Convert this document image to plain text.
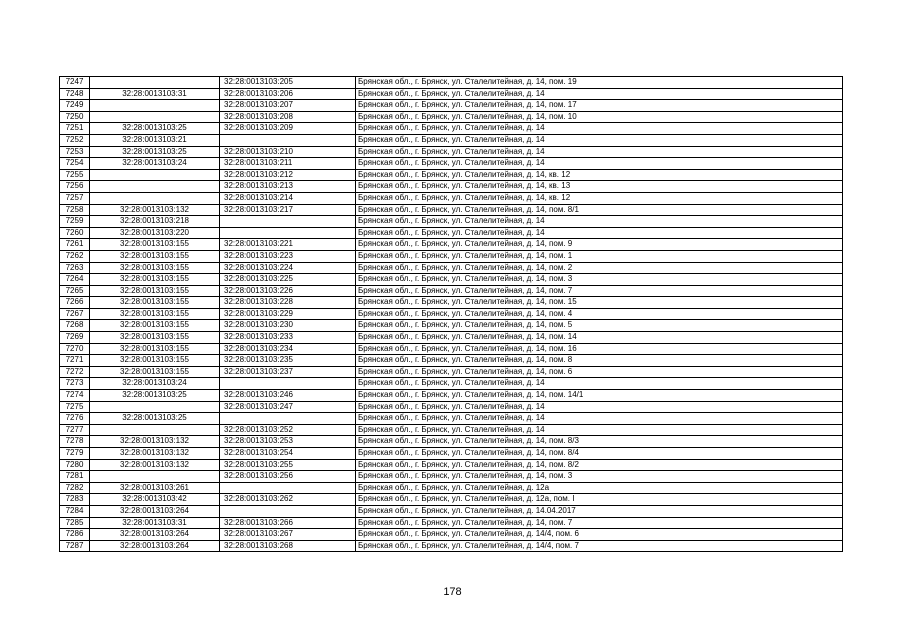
7247		32:28:0013103:205	Брянская обл., г. Брянск, ул. Сталелитейная, д. 14, пом. 19
7248	32:28:0013103:31	32:28:0013103:206	Брянская обл., г. Брянск, ул. Сталелитейная, д. 14
7249		32:28:0013103:207	Брянская обл., г. Брянск, ул. Сталелитейная, д. 14, пом. 17
7250		32:28:0013103:208	Брянская обл., г. Брянск, ул. Сталелитейная, д. 14, пом. 10
7251	32:28:0013103:25	32:28:0013103:209	Брянская обл., г. Брянск, ул. Сталелитейная, д. 14
7252	32:28:0013103:21		Брянская обл., г. Брянск, ул. Сталелитейная, д. 14
7253	32:28:0013103:25	32:28:0013103:210	Брянская обл., г. Брянск, ул. Сталелитейная, д. 14
7254	32:28:0013103:24	32:28:0013103:211	Брянская обл., г. Брянск, ул. Сталелитейная, д. 14
7255		32:28:0013103:212	Брянская обл., г. Брянск, ул. Сталелитейная, д. 14, кв. 12
7256		32:28:0013103:213	Брянская обл., г. Брянск, ул. Сталелитейная, д. 14, кв. 13
7257		32:28:0013103:214	Брянская обл., г. Брянск, ул. Сталелитейная, д. 14, кв. 12
7258	32:28:0013103:132	32:28:0013103:217	Брянская обл., г. Брянск, ул. Сталелитейная, д. 14, пом. 8/1
7259	32:28:0013103:218		Брянская обл., г. Брянск, ул. Сталелитейная, д. 14
7260	32:28:0013103:220		Брянская обл., г. Брянск, ул. Сталелитейная, д. 14
7261	32:28:0013103:155	32:28:0013103:221	Брянская обл., г. Брянск, ул. Сталелитейная, д. 14, пом. 9
7262	32:28:0013103:155	32:28:0013103:223	Брянская обл., г. Брянск, ул. Сталелитейная, д. 14, пом. 1
7263	32:28:0013103:155	32:28:0013103:224	Брянская обл., г. Брянск, ул. Сталелитейная, д. 14, пом. 2
7264	32:28:0013103:155	32:28:0013103:225	Брянская обл., г. Брянск, ул. Сталелитейная, д. 14, пом. 3
7265	32:28:0013103:155	32:28:0013103:226	Брянская обл., г. Брянск, ул. Сталелитейная, д. 14, пом. 7
7266	32:28:0013103:155	32:28:0013103:228	Брянская обл., г. Брянск, ул. Сталелитейная, д. 14, пом. 15
7267	32:28:0013103:155	32:28:0013103:229	Брянская обл., г. Брянск, ул. Сталелитейная, д. 14, пом. 4
7268	32:28:0013103:155	32:28:0013103:230	Брянская обл., г. Брянск, ул. Сталелитейная, д. 14, пом. 5
7269	32:28:0013103:155	32:28:0013103:233	Брянская обл., г. Брянск, ул. Сталелитейная, д. 14, пом. 14
7270	32:28:0013103:155	32:28:0013103:234	Брянская обл., г. Брянск, ул. Сталелитейная, д. 14, пом. 16
7271	32:28:0013103:155	32:28:0013103:235	Брянская обл., г. Брянск, ул. Сталелитейная, д. 14, пом. 8
7272	32:28:0013103:155	32:28:0013103:237	Брянская обл., г. Брянск, ул. Сталелитейная, д. 14, пом. 6
7273	32:28:0013103:24		Брянская обл., г. Брянск, ул. Сталелитейная, д. 14
7274	32:28:0013103:25	32:28:0013103:246	Брянская обл., г. Брянск, ул. Сталелитейная, д. 14, пом. 14/1
7275		32:28:0013103:247	Брянская обл., г. Брянск, ул. Сталелитейная, д. 14
7276	32:28:0013103:25		Брянская обл., г. Брянск, ул. Сталелитейная, д. 14
7277		32:28:0013103:252	Брянская обл., г. Брянск, ул. Сталелитейная, д. 14
7278	32:28:0013103:132	32:28:0013103:253	Брянская обл., г. Брянск, ул. Сталелитейная, д. 14, пом. 8/3
7279	32:28:0013103:132	32:28:0013103:254	Брянская обл., г. Брянск, ул. Сталелитейная, д. 14, пом. 8/4
7280	32:28:0013103:132	32:28:0013103:255	Брянская обл., г. Брянск, ул. Сталелитейная, д. 14, пом. 8/2
7281		32:28:0013103:256	Брянская обл., г. Брянск, ул. Сталелитейная, д. 14, пом. 3
7282	32:28:0013103:261		Брянская обл., г. Брянск, ул. Сталелитейная, д. 12а
7283	32:28:0013103:42	32:28:0013103:262	Брянская обл., г. Брянск, ул. Сталелитейная, д. 12а, пом. I
7284	32:28:0013103:264		Брянская обл., г. Брянск, ул. Сталелитейная, д. 14.04.2017
7285	32:28:0013103:31	32:28:0013103:266	Брянская обл., г. Брянск, ул. Сталелитейная, д. 14, пом. 7
7286	32:28:0013103:264	32:28:0013103:267	Брянская обл., г. Брянск, ул. Сталелитейная, д. 14/4, пом. 6
7287	32:28:0013103:264	32:28:0013103:268	Брянская обл., г. Брянск, ул. Сталелитейная, д. 14/4, пом. 7
178
